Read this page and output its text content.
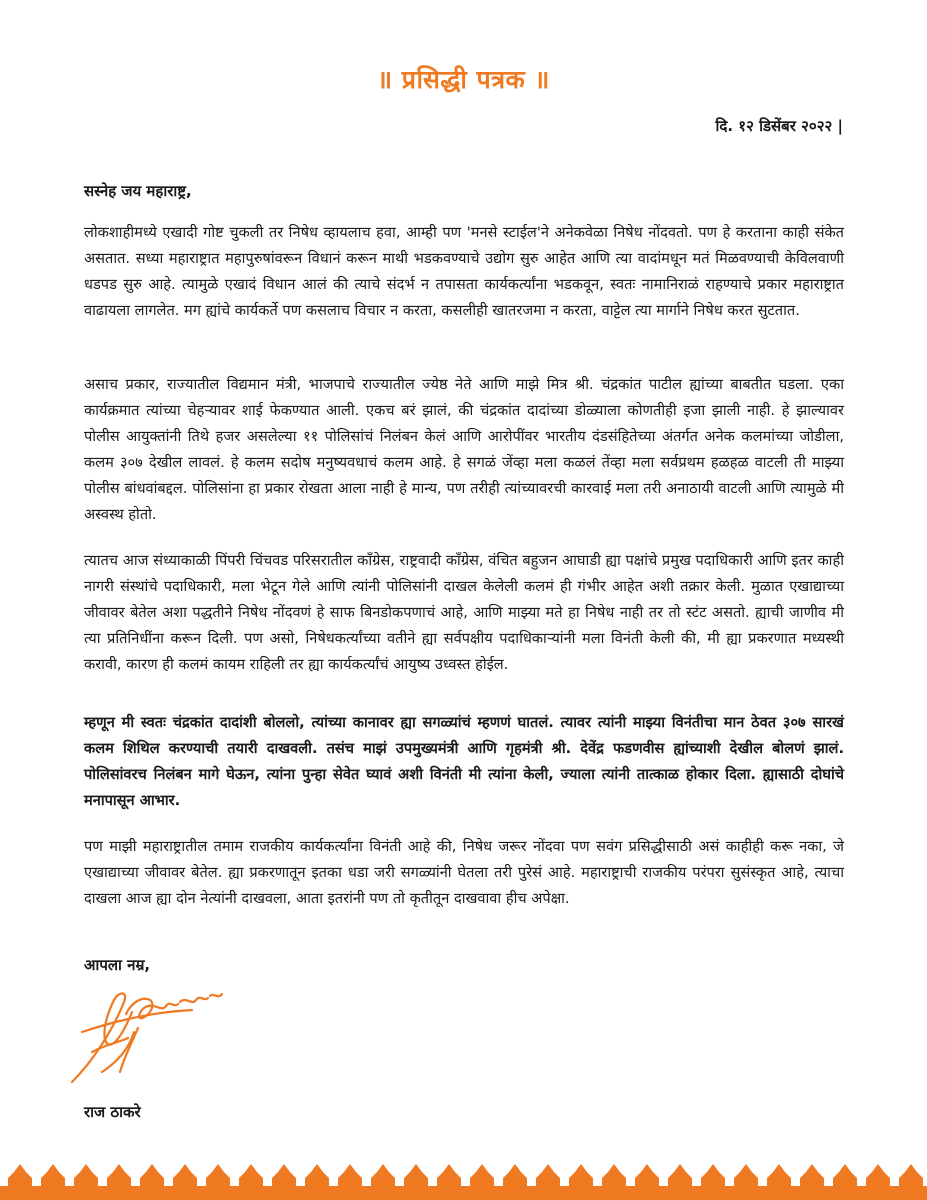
॥ प्रसिद्धी पत्रक ॥
दि. १२ डिसेंबर २०२२ |
सस्नेह जय महाराष्ट्र,

लोकशाहीमध्ये एखादी गोष्ट चुकली तर निषेध व्हायलाच हवा, आम्ही पण 'मनसे स्टाईल'ने अनेकवेळा निषेध नोंदवतो. पण हे करताना काही संकेत असतात. सध्या महाराष्ट्रात महापुरुषांवरून विधानं करून माथी भडकवण्याचे उद्योग सुरु आहेत आणि त्या वादांमधून मतं मिळवण्याची केविलवाणी धडपड सुरु आहे. त्यामुळे एखादं विधान आलं की त्याचे संदर्भ न तपासता कार्यकर्त्यांना भडकवून, स्वतः नामानिराळं राहण्याचे प्रकार महाराष्ट्रात वाढायला लागलेत. मग ह्यांचे कार्यकर्ते पण कसलाच विचार न करता, कसलीही खातरजमा न करता, वाट्टेल त्या मार्गाने निषेध करत सुटतात.

असाच प्रकार, राज्यातील विद्यमान मंत्री, भाजपाचे राज्यातील ज्येष्ठ नेते आणि माझे मित्र श्री. चंद्रकांत पाटील ह्यांच्या बाबतीत घडला. एका कार्यक्रमात त्यांच्या चेहऱ्यावर शाई फेकण्यात आली. एकच बरं झालं, की चंद्रकांत दादांच्या डोळ्याला कोणतीही इजा झाली नाही. हे झाल्यावर पोलीस आयुक्तांनी तिथे हजर असलेल्या ११ पोलिसांचं निलंबन केलं आणि आरोपींवर भारतीय दंडसंहितेच्या अंतर्गत अनेक कलमांच्या जोडीला, कलम ३०७ देखील लावलं. हे कलम सदोष मनुष्यवधाचं कलम आहे. हे सगळं जेंव्हा मला कळलं तेंव्हा मला सर्वप्रथम हळहळ वाटली ती माझ्या पोलीस बांधवांबद्दल. पोलिसांना हा प्रकार रोखता आला नाही हे मान्य, पण तरीही त्यांच्यावरची कारवाई मला तरी अनाठायी वाटली आणि त्यामुळे मी अस्वस्थ होतो.

त्यातच आज संध्याकाळी पिंपरी चिंचवड परिसरातील काँग्रेस, राष्ट्रवादी काँग्रेस, वंचित बहुजन आघाडी ह्या पक्षांचे प्रमुख पदाधिकारी आणि इतर काही नागरी संस्थांचे पदाधिकारी, मला भेटून गेले आणि त्यांनी पोलिसांनी दाखल केलेली कलमं ही गंभीर आहेत अशी तक्रार केली. मुळात एखाद्याच्या जीवावर बेतेल अशा पद्धतीने निषेध नोंदवणं हे साफ बिनडोकपणाचं आहे, आणि माझ्या मते हा निषेध नाही तर तो स्टंट असतो. ह्याची जाणीव मी त्या प्रतिनिधींना करून दिली. पण असो, निषेधकर्त्यांच्या वतीने ह्या सर्वपक्षीय पदाधिकाऱ्यांनी मला विनंती केली की, मी ह्या प्रकरणात मध्यस्थी करावी, कारण ही कलमं कायम राहिली तर ह्या कार्यकर्त्यांचं आयुष्य उध्वस्त होईल.

म्हणून मी स्वतः चंद्रकांत दादांशी बोललो, त्यांच्या कानावर ह्या सगळ्यांचं म्हणणं घातलं. त्यावर त्यांनी माझ्या विनंतीचा मान ठेवत ३०७ सारखं कलम शिथिल करण्याची तयारी दाखवली. तसंच माझं उपमुख्यमंत्री आणि गृहमंत्री श्री. देवेंद्र फडणवीस ह्यांच्याशी देखील बोलणं झालं. पोलिसांवरच निलंबन मागे घेऊन, त्यांना पुन्हा सेवेत घ्यावं अशी विनंती मी त्यांना केली, ज्याला त्यांनी तात्काळ होकार दिला. ह्यासाठी दोघांचे मनापासून आभार.

पण माझी महाराष्ट्रातील तमाम राजकीय कार्यकर्त्यांना विनंती आहे की, निषेध जरूर नोंदवा पण सवंग प्रसिद्धीसाठी असं काहीही करू नका, जे एखाद्याच्या जीवावर बेतेल. ह्या प्रकरणातून इतका धडा जरी सगळ्यांनी घेतला तरी पुरेसं आहे. महाराष्ट्राची राजकीय परंपरा सुसंस्कृत आहे, त्याचा दाखला आज ह्या दोन नेत्यांनी दाखवला, आता इतरांनी पण तो कृतीतून दाखवावा हीच अपेक्षा.

आपला नम्र,
राज ठाकरे
